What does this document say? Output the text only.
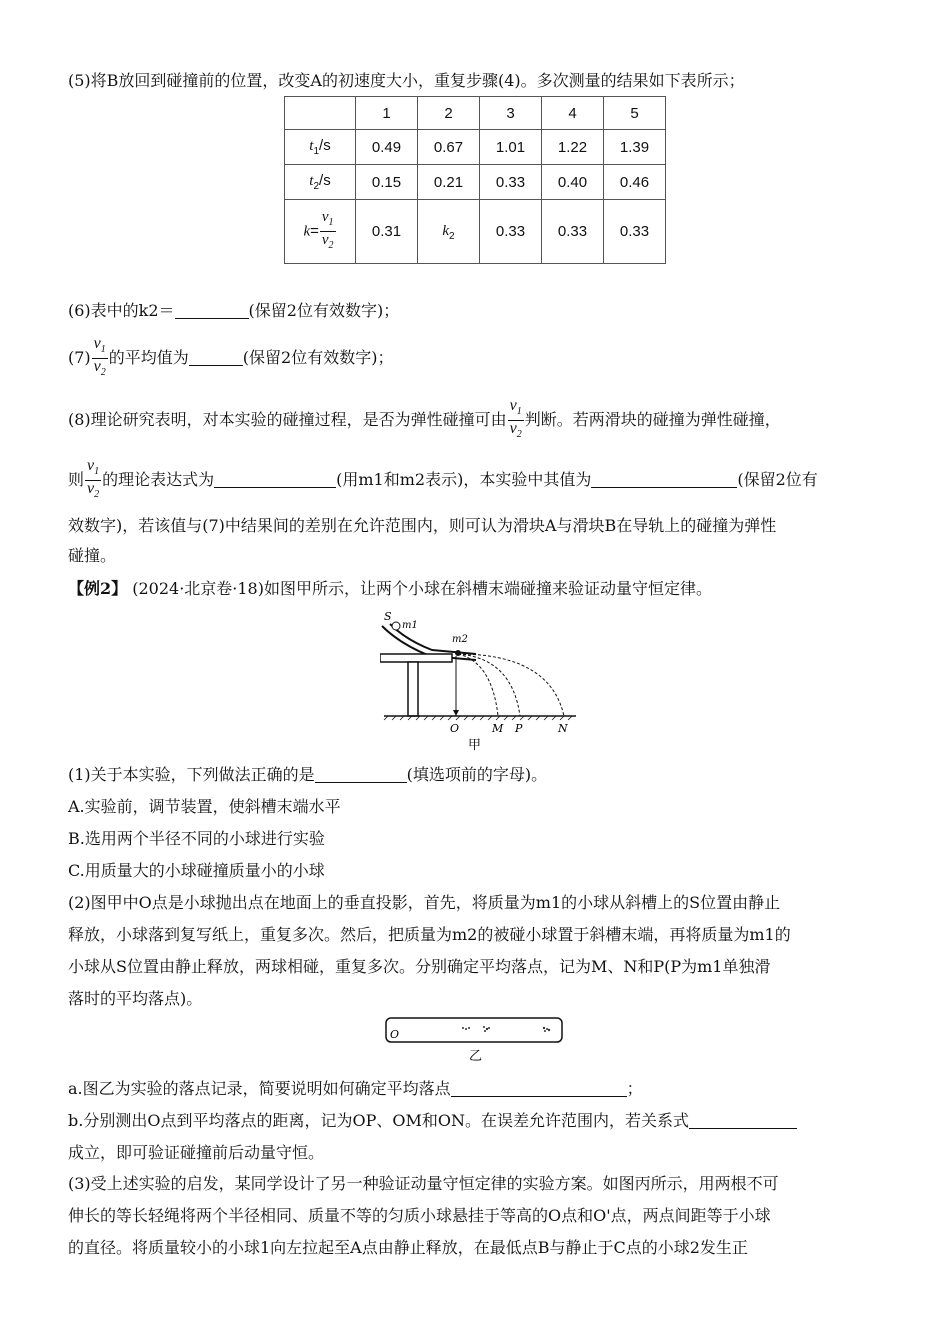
(5)将B放回到碰撞前的位置，改变A的初速度大小，重复步骤(4)。多次测量的结果如下表所示；
	1	2	3	4	5
$t_1/s$	0.49	0.67	1.01	1.22	1.39
$t_2/s$	0.15	0.21	0.33	0.40	0.46
$k= \frac{v_1}{v_2}$	0.31	$k_2$	0.33	0.33	0.33
(6)表中的k2＝	(保留2位有效数字)；
$(7) \frac{v_1}{v_2}$ 的平均值为	(保留2位有效数字)；
(8)理论研究表明，对本实验的碰撞过程，是否为弹性碰撞可由 $\frac{v_1}{v_2}$ 判断。若两滑块的碰撞为弹性碰撞，
则 $\frac{v_1}{v_2}$ 的理论表达式为	(用m1和m2表示)，本实验中其值为	(保留2位有
效数字)，若该值与(7)中结果间的差别在允许范围内，则可认为滑块A与滑块B在导轨上的碰撞为弹性
碰撞。
【例2】 (2024·北京卷·18)如图甲所示，让两个小球在斜槽末端碰撞来验证动量守恒定律。
S
m1
m2
O	M P	N
甲
(1)关于本实验，下列做法正确的是	(填选项前的字母)。
A.实验前，调节装置，使斜槽末端水平
B.选用两个半径不同的小球进行实验
C.用质量大的小球碰撞质量小的小球
(2)图甲中O点是小球抛出点在地面上的垂直投影，首先，将质量为m1的小球从斜槽上的S位置由静止
释放，小球落到复写纸上，重复多次。然后，把质量为m2的被碰小球置于斜槽末端，再将质量为m1的
小球从S位置由静止释放，两球相碰，重复多次。分别确定平均落点，记为M、N和P(P为m1单独滑
落时的平均落点)。
O
乙
a.图乙为实验的落点记录，简要说明如何确定平均落点	；
b.分别测出O点到平均落点的距离，记为OP、OM和ON。在误差允许范围内，若关系式
成立，即可验证碰撞前后动量守恒。
(3)受上述实验的启发，某同学设计了另一种验证动量守恒定律的实验方案。如图丙所示，用两根不可
伸长的等长轻绳将两个半径相同、质量不等的匀质小球悬挂于等高的O点和O'点，两点间距等于小球
的直径。将质量较小的小球1向左拉起至A点由静止释放，在最低点B与静止于C点的小球2发生正
